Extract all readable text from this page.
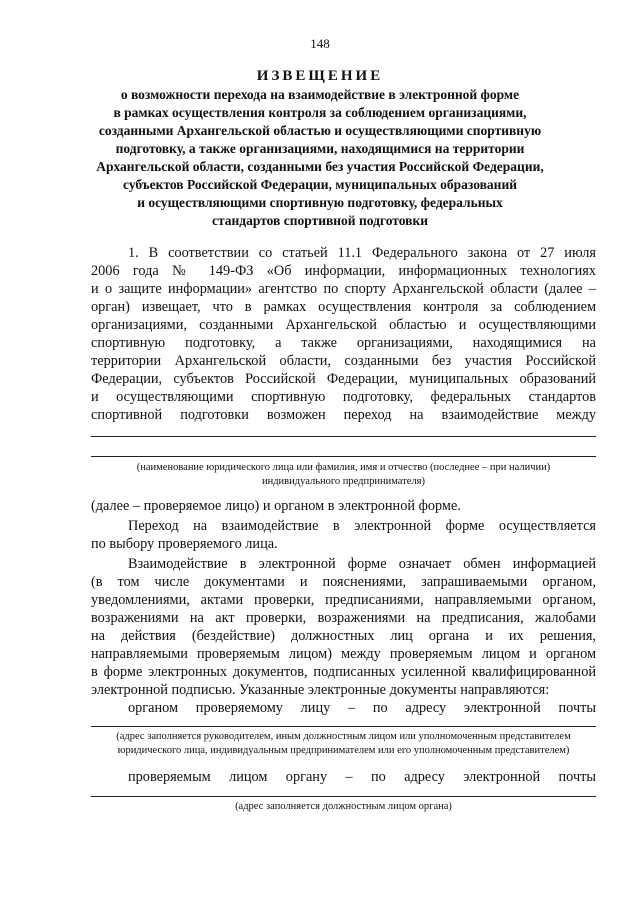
148
ИЗВЕЩЕНИЕ
о возможности перехода на взаимодействие в электронной форме
в рамках осуществления контроля за соблюдением организациями,
созданными Архангельской областью и осуществляющими спортивную
подготовку, а также организациями, находящимися на территории
Архангельской области, созданными без участия Российской Федерации,
субъектов Российской Федерации, муниципальных образований
и осуществляющими спортивную подготовку, федеральных
стандартов спортивной подготовки
1. В соответствии со статьей 11.1 Федерального закона от 27 июля
2006 года № 149-ФЗ «Об информации, информационных технологиях
и о защите информации» агентство по спорту Архангельской области (далее –
орган) извещает, что в рамках осуществления контроля за соблюдением
организациями, созданными Архангельской областью и осуществляющими
спортивную подготовку, а также организациями, находящимися на
территории Архангельской области, созданными без участия Российской
Федерации, субъектов Российской Федерации, муниципальных образований
и осуществляющими спортивную подготовку, федеральных стандартов
спортивной подготовки возможен переход на взаимодействие между
(наименование юридического лица или фамилия, имя и отчество (последнее – при наличии)
индивидуального предпринимателя)
(далее – проверяемое лицо) и органом в электронной форме.
Переход на взаимодействие в электронной форме осуществляется
по выбору проверяемого лица.
Взаимодействие в электронной форме означает обмен информацией
(в том числе документами и пояснениями, запрашиваемыми органом,
уведомлениями, актами проверки, предписаниями, направляемыми органом,
возражениями на акт проверки, возражениями на предписания, жалобами
на действия (бездействие) должностных лиц органа и их решения,
направляемыми проверяемым лицом) между проверяемым лицом и органом
в форме электронных документов, подписанных усиленной квалифицированной
электронной подписью. Указанные электронные документы направляются:
органом проверяемому лицу – по адресу электронной почты
(адрес заполняется руководителем, иным должностным лицом или уполномоченным представителем
юридического лица, индивидуальным предпринимателем или его уполномоченным представителем)
проверяемым лицом органу – по адресу электронной почты
(адрес заполняется должностным лицом органа)
